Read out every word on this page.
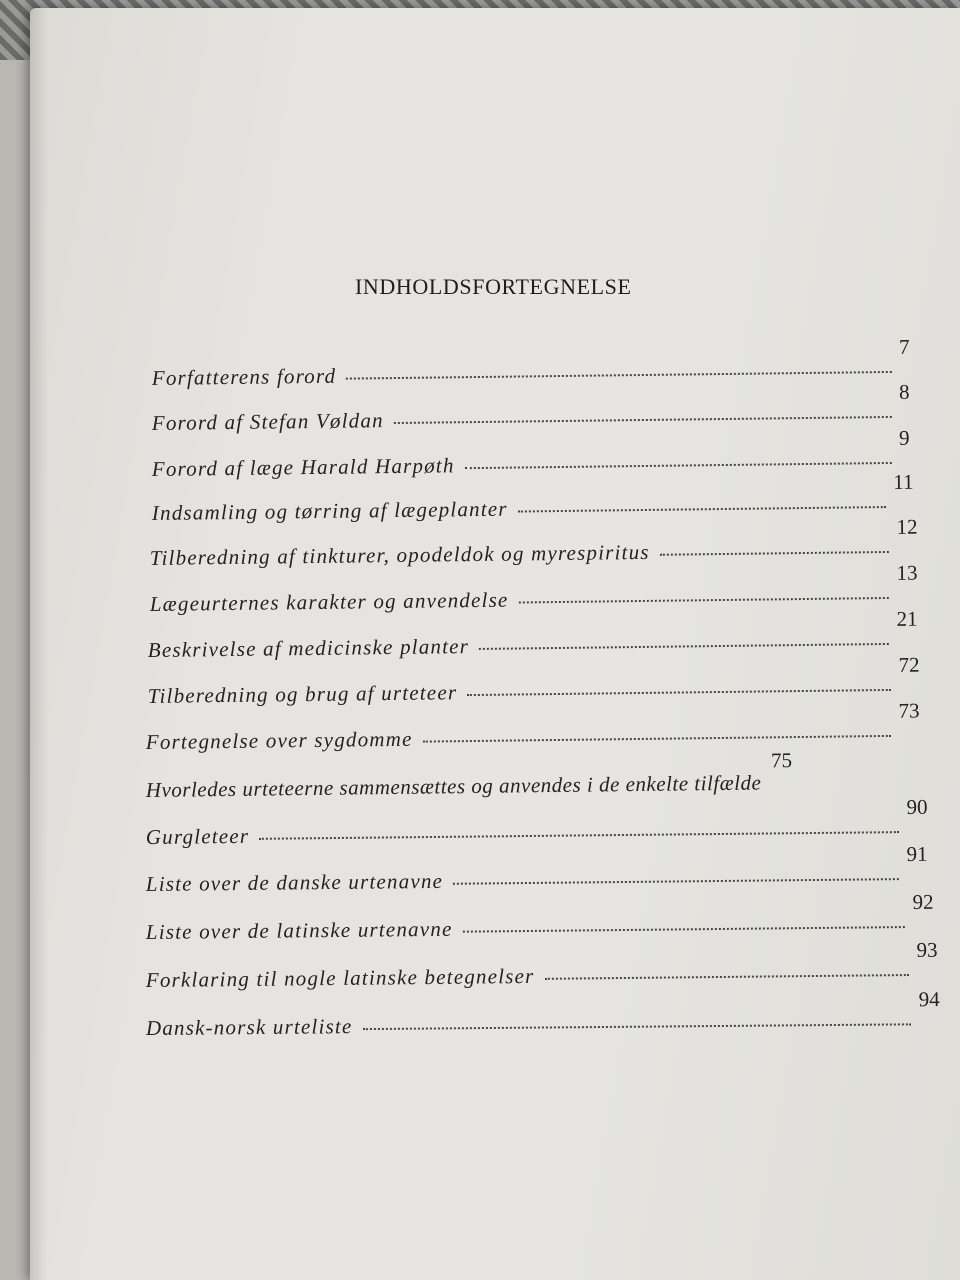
INDHOLDSFORTEGNELSE
Forfatterens forord
7
Forord af Stefan Vøldan
8
Forord af læge Harald Harpøth
9
Indsamling og tørring af lægeplanter
11
Tilberedning af tinkturer, opodeldok og myrespiritus
12
Lægeurternes karakter og anvendelse
13
Beskrivelse af medicinske planter
21
Tilberedning og brug af urteteer
72
Fortegnelse over sygdomme
73
Hvorledes urteteerne sammensættes og anvendes i de enkelte tilfælde
75
Gurgleteer
90
Liste over de danske urtenavne
91
Liste over de latinske urtenavne
92
Forklaring til nogle latinske betegnelser
93
Dansk-norsk urteliste
94
